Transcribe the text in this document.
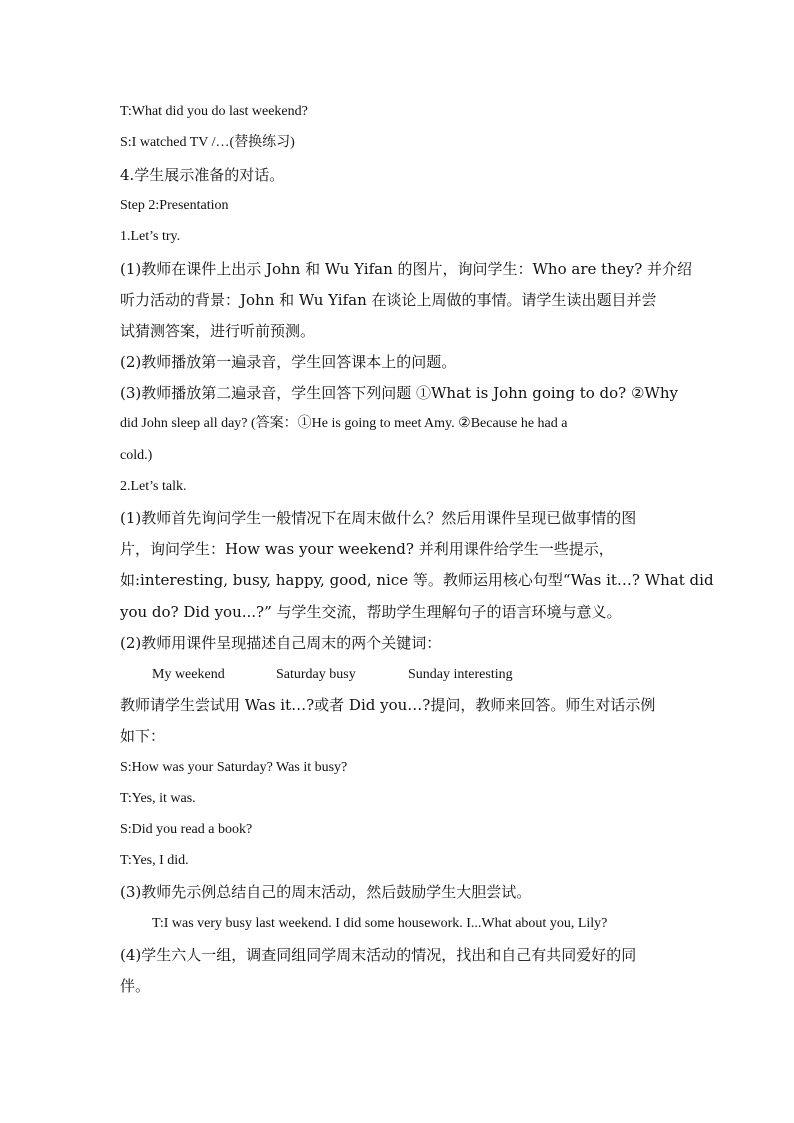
T:What did you do last weekend?
S:I watched TV /…(替换练习)
4.学生展示准备的对话。
Step 2:Presentation
1.Let’s try.
(1)教师在课件上出示 John 和 Wu Yifan 的图片，询问学生：Who are they? 并介绍
听力活动的背景：John 和 Wu Yifan 在谈论上周做的事情。请学生读出题目并尝
试猜测答案，进行听前预测。
(2)教师播放第一遍录音，学生回答课本上的问题。
(3)教师播放第二遍录音，学生回答下列问题 ①What is John going to do? ②Why
did John sleep all day? (答案：①He is going to meet Amy. ②Because he had a
cold.)
2.Let’s talk.
(1)教师首先询问学生一般情况下在周末做什么？然后用课件呈现已做事情的图
片，询问学生：How was your weekend? 并利用课件给学生一些提示，
如:interesting, busy, happy, good, nice 等。教师运用核心句型“Was it…? What did
you do? Did you...?” 与学生交流，帮助学生理解句子的语言环境与意义。
(2)教师用课件呈现描述自己周末的两个关键词：
My weekend	Saturday busy	Sunday interesting
教师请学生尝试用 Was it…?或者 Did you…?提问，教师来回答。师生对话示例
如下：
S:How was your Saturday? Was it busy?
T:Yes, it was.
S:Did you read a book?
T:Yes, I did.
(3)教师先示例总结自己的周末活动，然后鼓励学生大胆尝试。
T:I was very busy last weekend. I did some housework. I...What about you, Lily?
(4)学生六人一组，调查同组同学周末活动的情况，找出和自己有共同爱好的同
伴。
